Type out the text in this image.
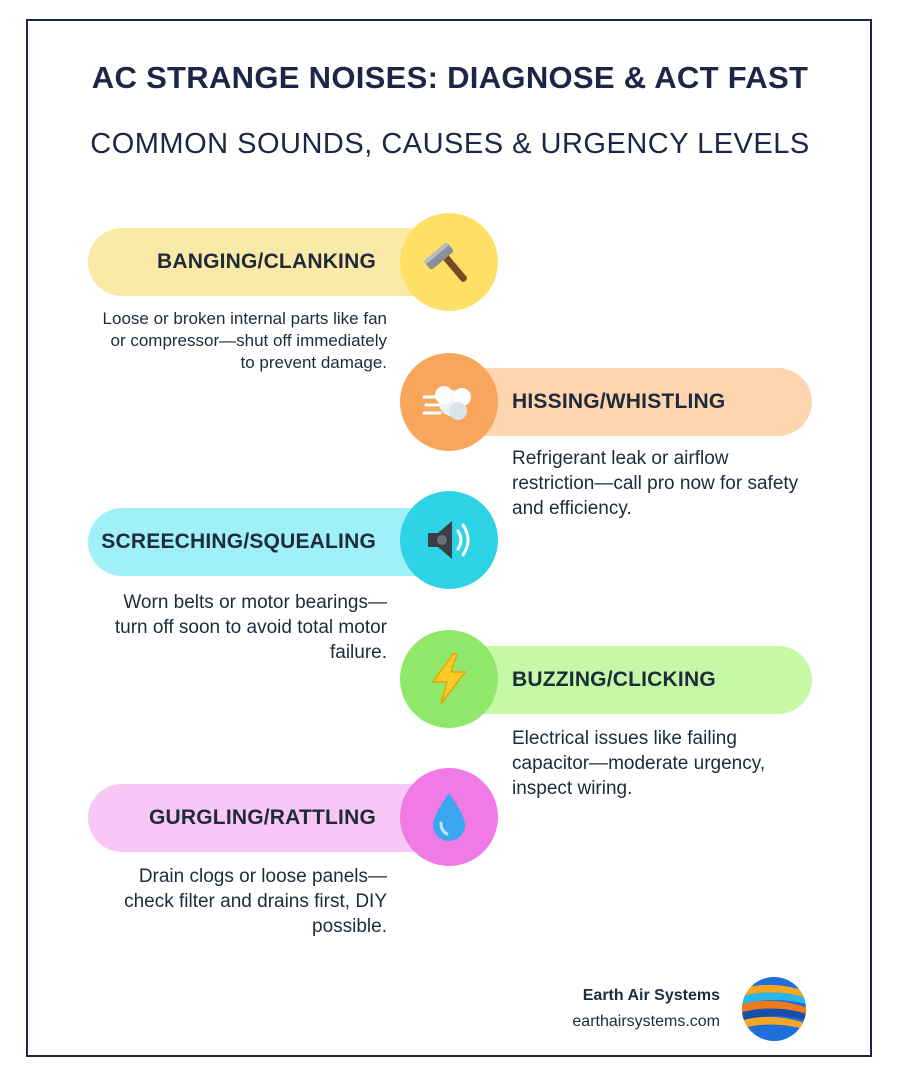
AC STRANGE NOISES: DIAGNOSE & ACT FAST
COMMON SOUNDS, CAUSES & URGENCY LEVELS
BANGING/CLANKING
Loose or broken internal parts like fan or compressor—shut off immediately to prevent damage.
HISSING/WHISTLING
Refrigerant leak or airflow restriction—call pro now for safety and efficiency.
SCREECHING/SQUEALING
Worn belts or motor bearings—turn off soon to avoid total motor failure.
BUZZING/CLICKING
Electrical issues like failing capacitor—moderate urgency, inspect wiring.
GURGLING/RATTLING
Drain clogs or loose panels—check filter and drains first, DIY possible.
Earth Air Systems
earthairsystems.com
